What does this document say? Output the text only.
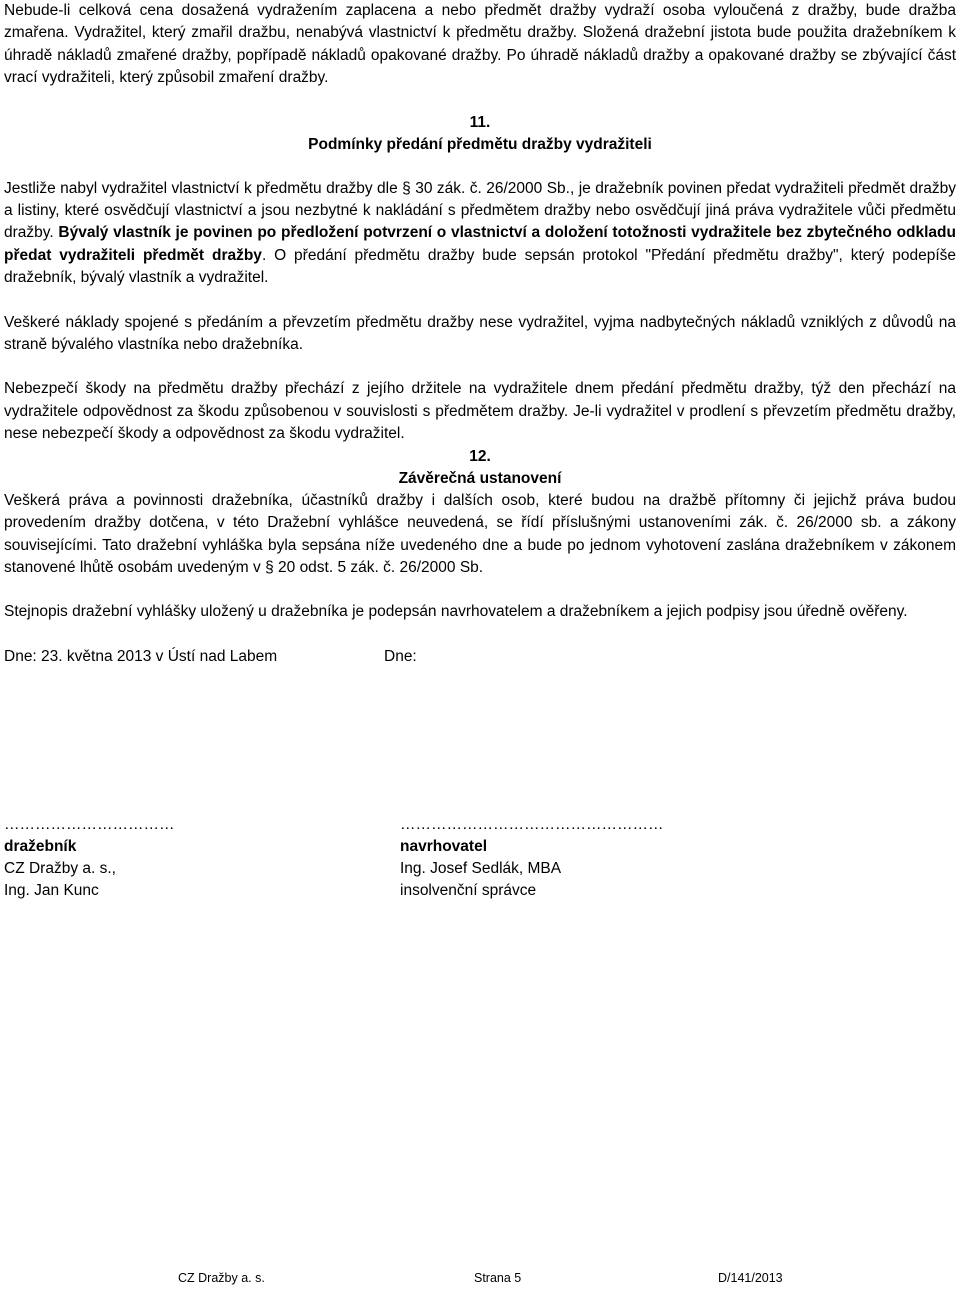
Nebude-li celková cena dosažená vydražením zaplacena a nebo předmět dražby vydraží osoba vyloučená z dražby, bude dražba zmařena. Vydražitel, který zmařil dražbu, nenabývá vlastnictví k předmětu dražby. Složená dražební jistota bude použita dražebníkem k úhradě nákladů zmařené dražby, popřípadě nákladů opakované dražby. Po úhradě nákladů dražby a opakované dražby se zbývající část vrací vydražiteli, který způsobil zmaření dražby.

11.

Podmínky předání předmětu dražby vydražiteli

Jestliže nabyl vydražitel vlastnictví k předmětu dražby dle § 30 zák. č. 26/2000 Sb., je dražebník povinen předat vydražiteli předmět dražby a listiny, které osvědčují vlastnictví a jsou nezbytné k nakládání s předmětem dražby nebo osvědčují jiná práva vydražitele vůči předmětu dražby. Bývalý vlastník je povinen po předložení potvrzení o vlastnictví a doložení totožnosti vydražitele bez zbytečného odkladu předat vydražiteli předmět dražby. O předání předmětu dražby bude sepsán protokol "Předání předmětu dražby", který podepíše dražebník, bývalý vlastník a vydražitel.

Veškeré náklady spojené s předáním a převzetím předmětu dražby nese vydražitel, vyjma nadbytečných nákladů vzniklých z důvodů na straně bývalého vlastníka nebo dražebníka.

Nebezpečí škody na předmětu dražby přechází z jejího držitele na vydražitele dnem předání předmětu dražby, týž den přechází na vydražitele odpovědnost za škodu způsobenou v souvislosti s předmětem dražby. Je-li vydražitel v prodlení s převzetím předmětu dražby, nese nebezpečí škody a odpovědnost za škodu vydražitel.

12.

Závěrečná ustanovení

Veškerá práva a povinnosti dražebníka, účastníků dražby i dalších osob, které budou na dražbě přítomny či jejichž práva budou provedením dražby dotčena, v této Dražební vyhlášce neuvedená, se řídí příslušnými ustanoveními zák. č. 26/2000 sb. a zákony souvisejícími. Tato dražební vyhláška byla sepsána níže uvedeného dne a bude po jednom vyhotovení zaslána dražebníkem v zákonem stanovené lhůtě osobám uvedeným v § 20 odst. 5 zák. č. 26/2000 Sb.

Stejnopis dražební vyhlášky uložený u dražebníka je podepsán navrhovatelem a dražebníkem a jejich podpisy jsou úředně ověřeny.

Dne: 23. května 2013 v Ústí nad Labem	Dne:
……………………………	……………………………………………
dražebník	navrhovatel
CZ Dražby a. s.,	Ing. Josef Sedlák, MBA
Ing. Jan Kunc	insolvenční správce
CZ Dražby a. s.	Strana 5	D/141/2013
